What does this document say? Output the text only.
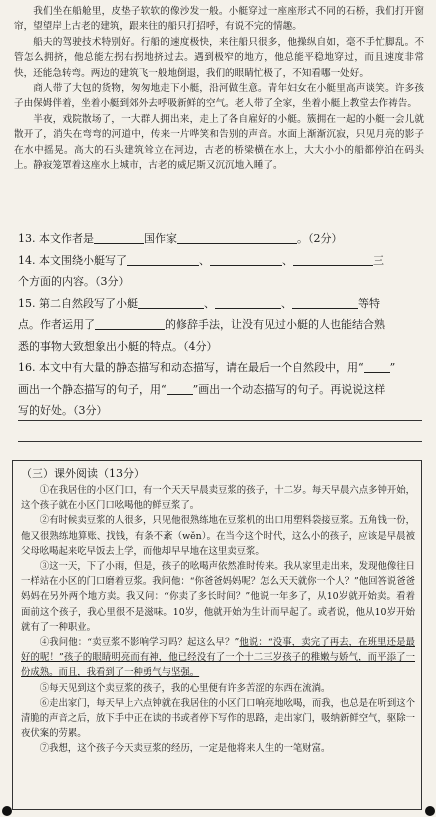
我们坐在船舱里，皮垫子软软的像沙发一般。小艇穿过一座座形式不同的石桥，我们打开窗帘，望望岸上古老的建筑，跟来往的船只打招呼，有说不完的情趣。

船夫的驾驶技术特别好。行船的速度极快，来往船只很多，他操纵自如，毫不手忙脚乱。不管怎么拥挤，他总能左拐右拐地挤过去。遇到极窄的地方，他总能平稳地穿过，而且速度非常快，还能急转弯。两边的建筑飞一般地倒退，我们的眼睛忙极了，不知看哪一处好。

商人带了大包的货物，匆匆地走下小艇，沿河做生意。青年妇女在小艇里高声谈笑。许多孩子由保姆伴着，坐着小艇到郊外去呼吸新鲜的空气。老人带了全家，坐着小艇上教堂去作祷告。

半夜，戏院散场了，一大群人拥出来，走上了各自雇好的小艇。簇拥在一起的小艇一会儿就散开了，消失在弯弯的河道中，传来一片哗笑和告别的声音。水面上渐渐沉寂，只见月亮的影子在水中摇晃。高大的石头建筑耸立在河边，古老的桥梁横在水上，大大小小的船都停泊在码头上。静寂笼罩着这座水上城市，古老的威尼斯又沉沉地入睡了。

13. 本文作者是	国作家	。（2分）

14. 本文围绕小艇写了	、	、	三
个方面的内容。（3分）

15. 第二自然段写了小艇	、	、	等特
点。作者运用了	的修辞手法，让没有见过小艇的人也能结合熟
悉的事物大致想象出小艇的特点。（4分）

16. 本文中有大量的静态描写和动态描写，请在最后一个自然段中，用“ ”
画出一个静态描写的句子，用“ ”画出一个动态描写的句子。再说说这样
写的好处。（3分）

（三）课外阅读（13分）

①在我居住的小区门口，有一个天天早晨卖豆浆的孩子，十二岁。每天早晨六点多钟开始，这个孩子就在小区门口吆喝他的鲜豆浆了。

②有时候卖豆浆的人很多，只见他很熟练地在豆浆机的出口用塑料袋接豆浆。五角钱一份，他又很熟练地算账、找钱，有条不紊（wěn）。在当今这个时代，这么小的孩子，应该是早晨被父母吆喝起来吃早饭去上学，而他却早早地在这里卖豆浆。

③这一天，下了小雨，但是，孩子的吆喝声依然准时传来。我从家里走出来，发现他像往日一样站在小区的门口磨着豆浆。我问他：“你爸爸妈妈呢？怎么天天就你一个人？”他回答说爸爸妈妈在另外两个地方卖。我又问：“你卖了多长时间？”他说一年多了，从10岁就开始卖。看着面前这个孩子，我心里很不是滋味。10岁，他就开始为生计而早起了。或者说，他从10岁开始就有了一种职业。

④我问他：“卖豆浆不影响学习吗？起这么早？”他说：“没事，卖完了再去，在班里还是最好的呢！”孩子的眼睛明亮而有神，他已经没有了一个十二三岁孩子的稚嫩与娇气，而平添了一份成熟。而且，我看到了一种勇气与坚强。

⑤每天见到这个卖豆浆的孩子，我的心里便有许多苦涩的东西在流淌。

⑥走出家门，每天早上六点钟就在我居住的小区门口响亮地吆喝，而我，也总是在听到这个清脆的声音之后，放下手中正在读的书或者停下写作的思路，走出家门，吸纳新鲜空气，驱除一夜伏案的劳累。

⑦我想，这个孩子今天卖豆浆的经历，一定是他将来人生的一笔财富。
